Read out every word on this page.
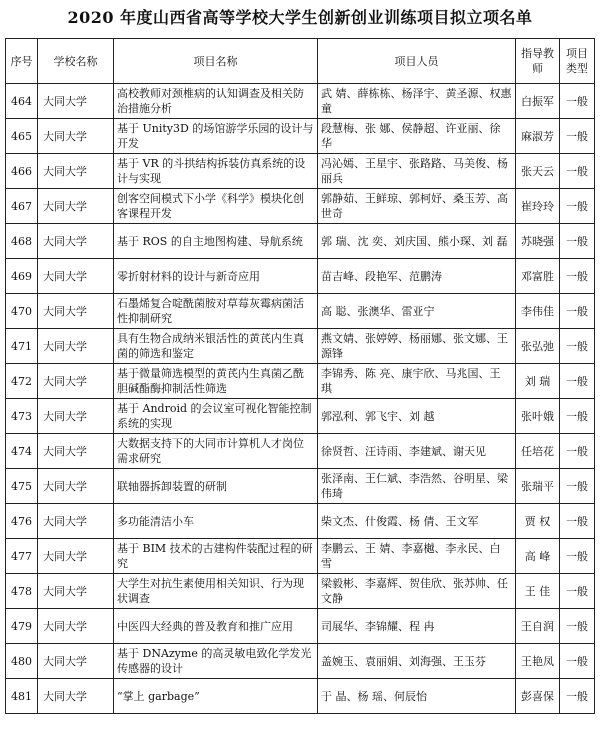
2020 年度山西省高等学校大学生创新创业训练项目拟立项名单
序号	学校名称	项目名称	项目人员	指导教师	项目类型
464	大同大学	高校教师对颈椎病的认知调查及相关防治措施分析	武 婧、薛栋栋、杨泽宇、黄圣源、权惠童	白振军	一般
465	大同大学	基于 Unity3D 的场馆游学乐园的设计与开发	段慧梅、张 娜、侯静超、许亚丽、徐 华	麻淑芳	一般
466	大同大学	基于 VR 的斗拱结构拆装仿真系统的设计与实现	冯沁嫣、王星宇、张路路、马美俊、杨丽兵	张天云	一般
467	大同大学	创客空间模式下小学《科学》模块化创客课程开发	郭静茹、王鲜琼、郭柯妤、桑玉芳、高世奇	崔玲玲	一般
468	大同大学	基于 ROS 的自主地图构建、导航系统	郭 瑞、沈 奕、刘庆国、熊小琛、刘 磊	苏晓强	一般
469	大同大学	零折射材料的设计与新奇应用	苗吉峰、段艳军、范鹏涛	邓富胜	一般
470	大同大学	石墨烯复合啶酰菌胺对草莓灰霉病菌活性抑制研究	高 聪、张澳华、雷亚宁	李伟佳	一般
471	大同大学	具有生物合成纳米银活性的黄芪内生真菌的筛选和鉴定	燕文婧、张婷婷、杨丽娜、张文娜、王源锋	张弘弛	一般
472	大同大学	基于微量筛选模型的黄芪内生真菌乙酰胆碱酯酶抑制活性筛选	李锦秀、陈 亮、康宇欣、马兆国、王 琪	刘 瑞	一般
473	大同大学	基于 Android 的会议室可视化智能控制系统的实现	郭泓利、郭飞宇、刘 越	张叶娥	一般
474	大同大学	大数据支持下的大同市计算机人才岗位需求研究	徐贤哲、汪诗雨、李建斌、谢天见	任培花	一般
475	大同大学	联轴器拆卸装置的研制	张泽南、王仁斌、李浩然、谷明星、梁伟琦	张瑞平	一般
476	大同大学	多功能清洁小车	柴文杰、什俊霞、杨 倩、王文军	贾 权	一般
477	大同大学	基于 BIM 技术的古建构件装配过程的研究	李鹏云、王 婧、李嘉樾、李永民、白 雪	高 峰	一般
478	大同大学	大学生对抗生素使用相关知识、行为现状调查	梁毅彬、李嘉辉、贺佳欣、张苏帅、任文静	王 佳	一般
479	大同大学	中医四大经典的普及教育和推广应用	司展华、李锦耀、程 冉	王自润	一般
480	大同大学	基于 DNAzyme 的高灵敏电致化学发光传感器的设计	盖婉玉、袁丽娟、刘海强、王玉芬	王艳凤	一般
481	大同大学	“掌上 garbage”	于 晶、杨 瑶、何辰怡	彭喜保	一般
